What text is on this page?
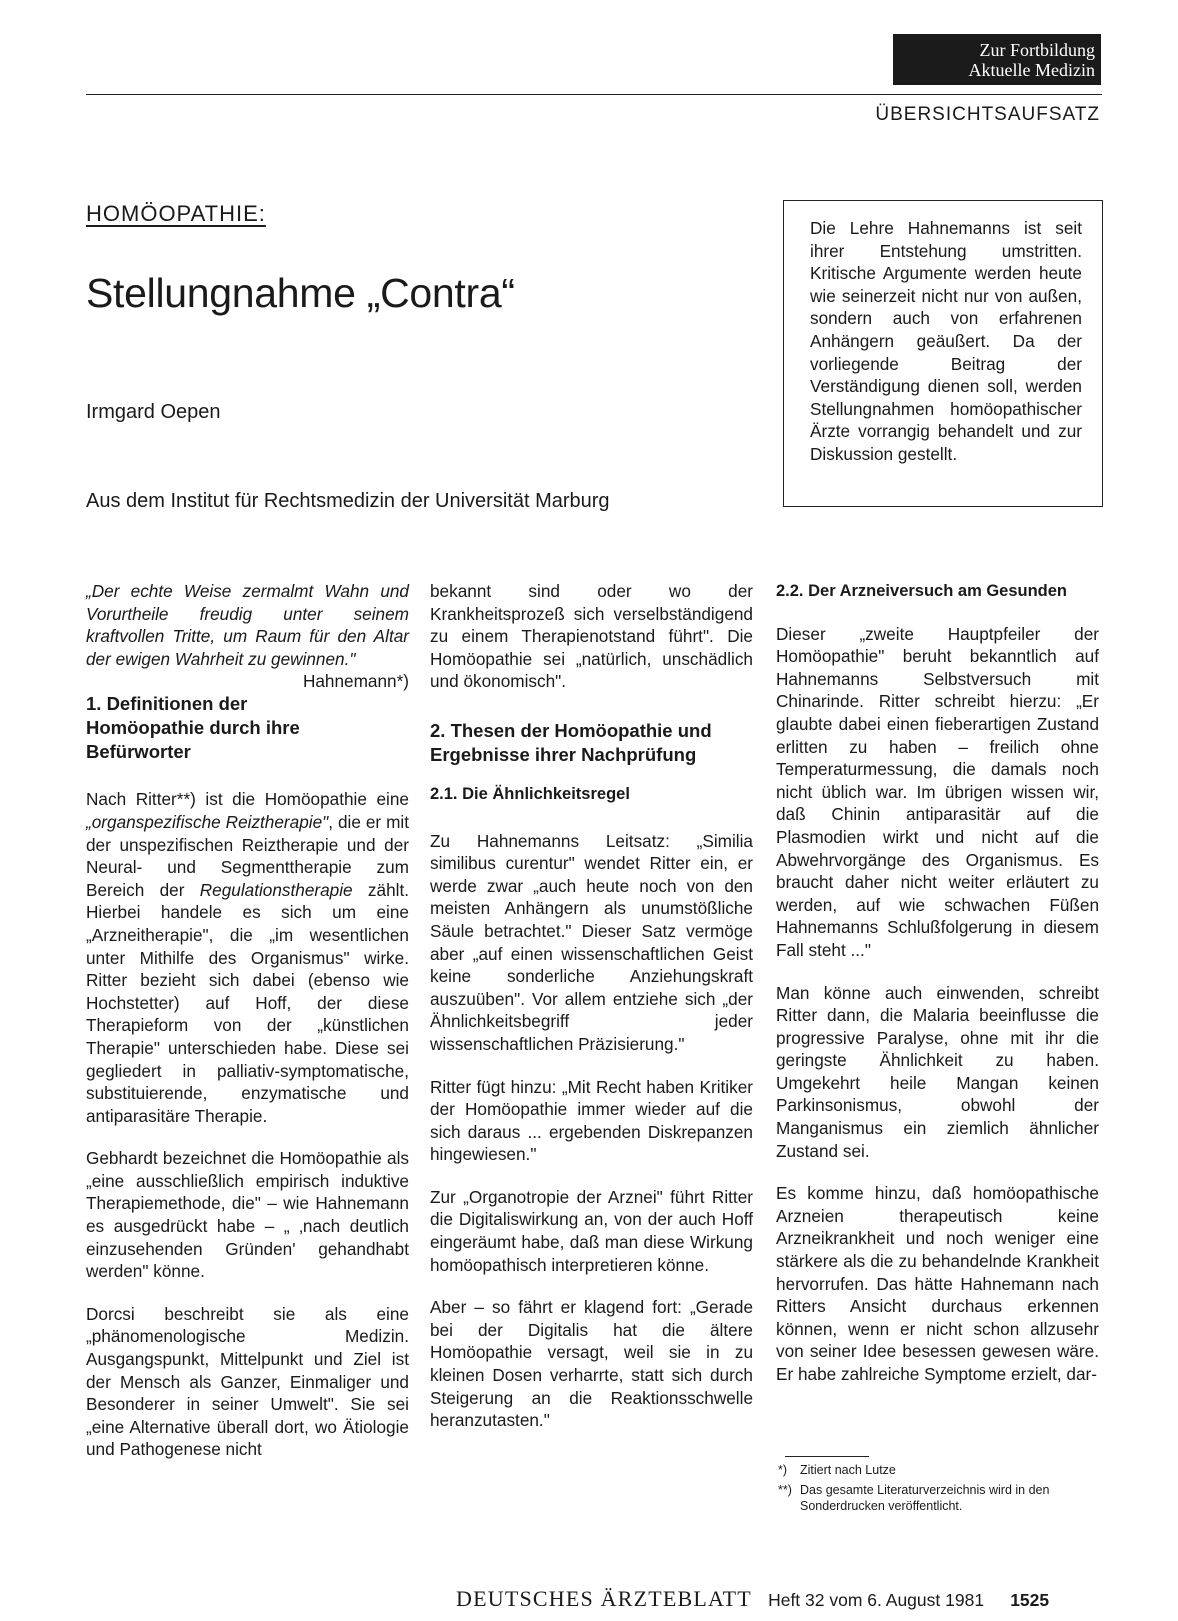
Zur Fortbildung
Aktuelle Medizin
ÜBERSICHTSAUFSATZ
HOMÖOPATHIE:
Stellungnahme „Contra“
Irmgard Oepen
Aus dem Institut für Rechtsmedizin der Universität Marburg
Die Lehre Hahnemanns ist seit ihrer Entstehung umstritten. Kritische Argumente werden heute wie seinerzeit nicht nur von außen, sondern auch von erfahrenen Anhängern geäußert. Da der vorliegende Beitrag der Verständigung dienen soll, werden Stellungnahmen homöopathischer Ärzte vorrangig behandelt und zur Diskussion gestellt.

„Der echte Weise zermalmt Wahn und Vorurtheile freudig unter seinem kraftvollen Tritte, um Raum für den Altar der ewigen Wahrheit zu gewinnen."
Hahnemann*)

1. Definitionen der Homöopathie durch ihre Befürworter

Nach Ritter**) ist die Homöopathie eine „organspezifische Reiztherapie", die er mit der unspezifischen Reiztherapie und der Neural- und Segmenttherapie zum Bereich der Regulationstherapie zählt. Hierbei handele es sich um eine „Arzneitherapie", die „im wesentlichen unter Mithilfe des Organismus" wirke. Ritter bezieht sich dabei (ebenso wie Hochstetter) auf Hoff, der diese Therapieform von der „künstlichen Therapie" unterschieden habe. Diese sei gegliedert in palliativ-symptomatische, substituierende, enzymatische und antiparasitäre Therapie.

Gebhardt bezeichnet die Homöopathie als „eine ausschließlich empirisch induktive Therapiemethode, die" – wie Hahnemann es ausgedrückt habe – „ ‚nach deutlich einzusehenden Gründen' gehandhabt werden" könne.

Dorcsi beschreibt sie als eine „phänomenologische Medizin. Ausgangspunkt, Mittelpunkt und Ziel ist der Mensch als Ganzer, Einmaliger und Besonderer in seiner Umwelt". Sie sei „eine Alternative überall dort, wo Ätiologie und Pathogenese nicht

bekannt sind oder wo der Krankheitsprozeß sich verselbständigend zu einem Therapienotstand führt". Die Homöopathie sei „natürlich, unschädlich und ökonomisch".

2. Thesen der Homöopathie und Ergebnisse ihrer Nachprüfung
2.1. Die Ähnlichkeitsregel

Zu Hahnemanns Leitsatz: „Similia similibus curentur" wendet Ritter ein, er werde zwar „auch heute noch von den meisten Anhängern als unumstößliche Säule betrachtet." Dieser Satz vermöge aber „auf einen wissenschaftlichen Geist keine sonderliche Anziehungskraft auszuüben". Vor allem entziehe sich „der Ähnlichkeitsbegriff jeder wissenschaftlichen Präzisierung."

Ritter fügt hinzu: „Mit Recht haben Kritiker der Homöopathie immer wieder auf die sich daraus ... ergebenden Diskrepanzen hingewiesen."

Zur „Organotropie der Arznei" führt Ritter die Digitaliswirkung an, von der auch Hoff eingeräumt habe, daß man diese Wirkung homöopathisch interpretieren könne.

Aber – so fährt er klagend fort: „Gerade bei der Digitalis hat die ältere Homöopathie versagt, weil sie in zu kleinen Dosen verharrte, statt sich durch Steigerung an die Reaktionsschwelle heranzutasten."

2.2. Der Arzneiversuch am Gesunden

Dieser „zweite Hauptpfeiler der Homöopathie" beruht bekanntlich auf Hahnemanns Selbstversuch mit Chinarinde. Ritter schreibt hierzu: „Er glaubte dabei einen fieberartigen Zustand erlitten zu haben – freilich ohne Temperaturmessung, die damals noch nicht üblich war. Im übrigen wissen wir, daß Chinin antiparasitär auf die Plasmodien wirkt und nicht auf die Abwehrvorgänge des Organismus. Es braucht daher nicht weiter erläutert zu werden, auf wie schwachen Füßen Hahnemanns Schlußfolgerung in diesem Fall steht ..."

Man könne auch einwenden, schreibt Ritter dann, die Malaria beeinflusse die progressive Paralyse, ohne mit ihr die geringste Ähnlichkeit zu haben. Umgekehrt heile Mangan keinen Parkinsonismus, obwohl der Manganismus ein ziemlich ähnlicher Zustand sei.

Es komme hinzu, daß homöopathische Arzneien therapeutisch keine Arzneikrankheit und noch weniger eine stärkere als die zu behandelnde Krankheit hervorrufen. Das hätte Hahnemann nach Ritters Ansicht durchaus erkennen können, wenn er nicht schon allzusehr von seiner Idee besessen gewesen wäre. Er habe zahlreiche Symptome erzielt, dar-

*) Zitiert nach Lutze
**) Das gesamte Literaturverzeichnis wird in den Sonderdrucken veröffentlicht.
DEUTSCHES ÄRZTEBLATT Heft 32 vom 6. August 1981 1525
